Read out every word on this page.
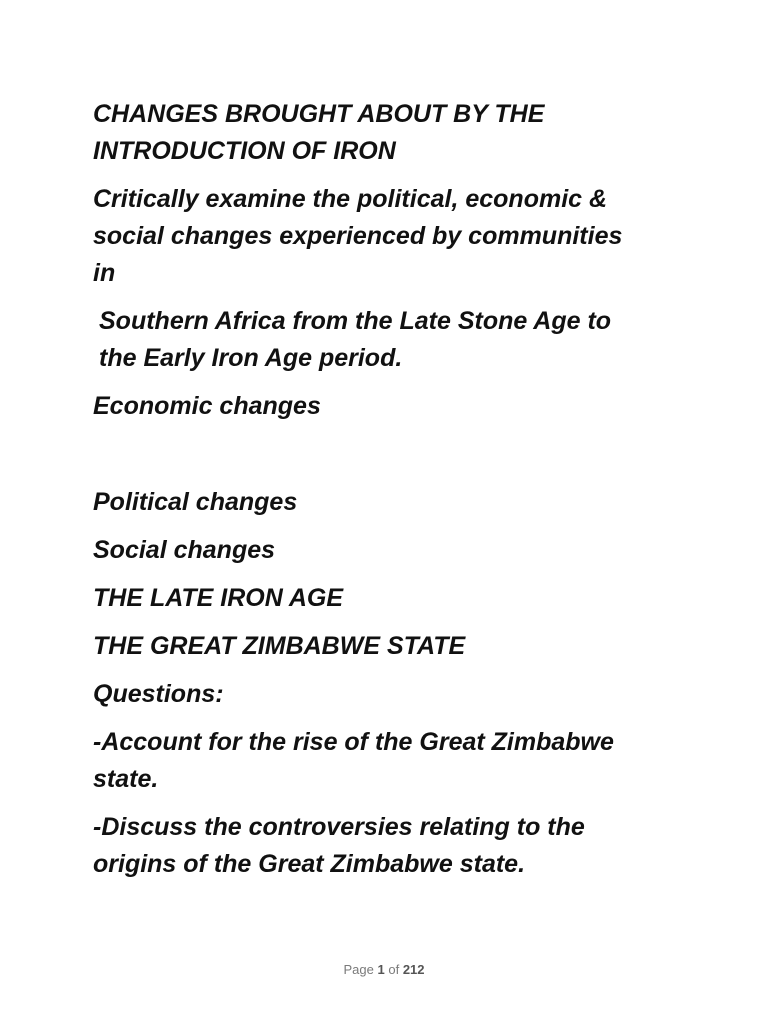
CHANGES BROUGHT ABOUT BY THE
INTRODUCTION OF IRON

Critically examine the political, economic &
social changes experienced by communities
in

Southern Africa from the Late Stone Age to
the Early Iron Age period.

Economic changes

Political changes

Social changes

THE LATE IRON AGE

THE GREAT ZIMBABWE STATE

Questions:

-Account for the rise of the Great Zimbabwe
state.

-Discuss the controversies relating to the
origins of the Great Zimbabwe state.

Page 1 of 212
